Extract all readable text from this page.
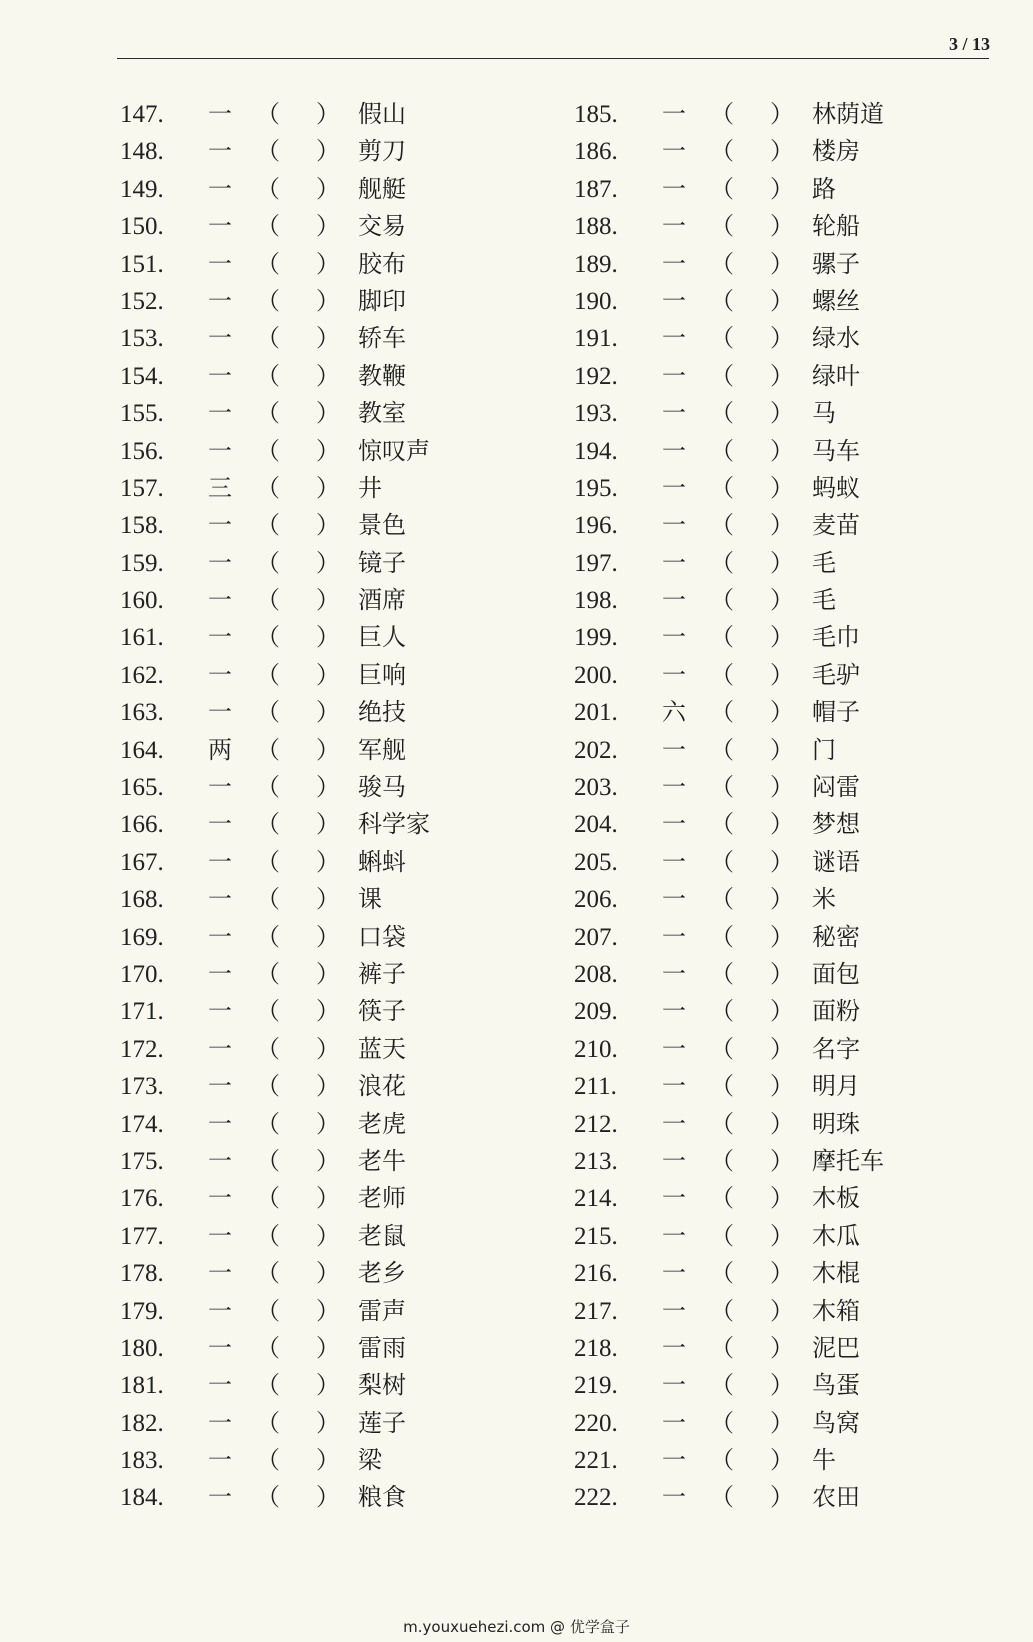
3 / 13
147. 一 （ ） 假山
148. 一 （ ） 剪刀
149. 一 （ ） 舰艇
150. 一 （ ） 交易
151. 一 （ ） 胶布
152. 一 （ ） 脚印
153. 一 （ ） 轿车
154. 一 （ ） 教鞭
155. 一 （ ） 教室
156. 一 （ ） 惊叹声
157. 三 （ ） 井
158. 一 （ ） 景色
159. 一 （ ） 镜子
160. 一 （ ） 酒席
161. 一 （ ） 巨人
162. 一 （ ） 巨响
163. 一 （ ） 绝技
164. 两 （ ） 军舰
165. 一 （ ） 骏马
166. 一 （ ） 科学家
167. 一 （ ） 蝌蚪
168. 一 （ ） 课
169. 一 （ ） 口袋
170. 一 （ ） 裤子
171. 一 （ ） 筷子
172. 一 （ ） 蓝天
173. 一 （ ） 浪花
174. 一 （ ） 老虎
175. 一 （ ） 老牛
176. 一 （ ） 老师
177. 一 （ ） 老鼠
178. 一 （ ） 老乡
179. 一 （ ） 雷声
180. 一 （ ） 雷雨
181. 一 （ ） 梨树
182. 一 （ ） 莲子
183. 一 （ ） 梁
184. 一 （ ） 粮食
185. 一 （ ） 林荫道
186. 一 （ ） 楼房
187. 一 （ ） 路
188. 一 （ ） 轮船
189. 一 （ ） 骡子
190. 一 （ ） 螺丝
191. 一 （ ） 绿水
192. 一 （ ） 绿叶
193. 一 （ ） 马
194. 一 （ ） 马车
195. 一 （ ） 蚂蚁
196. 一 （ ） 麦苗
197. 一 （ ） 毛
198. 一 （ ） 毛
199. 一 （ ） 毛巾
200. 一 （ ） 毛驴
201. 六 （ ） 帽子
202. 一 （ ） 门
203. 一 （ ） 闷雷
204. 一 （ ） 梦想
205. 一 （ ） 谜语
206. 一 （ ） 米
207. 一 （ ） 秘密
208. 一 （ ） 面包
209. 一 （ ） 面粉
210. 一 （ ） 名字
211. 一 （ ） 明月
212. 一 （ ） 明珠
213. 一 （ ） 摩托车
214. 一 （ ） 木板
215. 一 （ ） 木瓜
216. 一 （ ） 木棍
217. 一 （ ） 木箱
218. 一 （ ） 泥巴
219. 一 （ ） 鸟蛋
220. 一 （ ） 鸟窝
221. 一 （ ） 牛
222. 一 （ ） 农田
m.youxuehezi.com @ 优学盒子
